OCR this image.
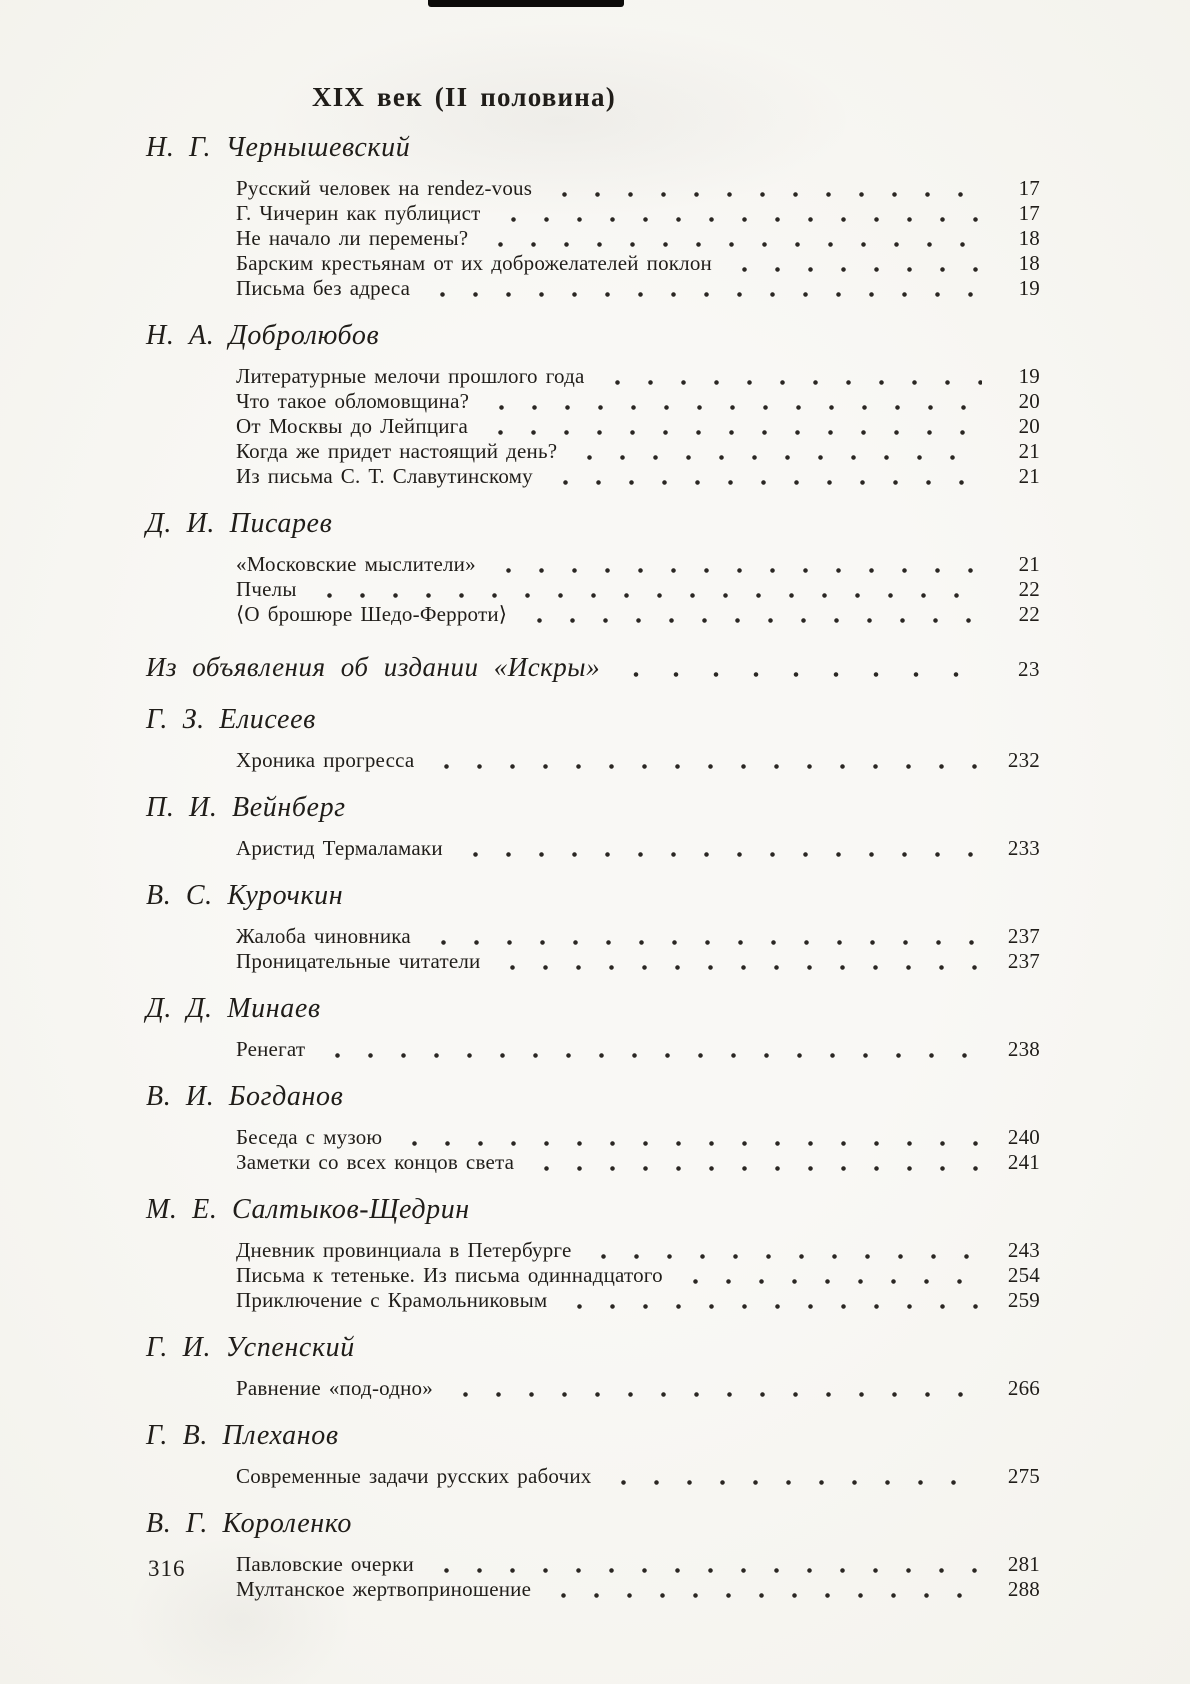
XIX век (II половина)
Н. Г. Чернышевский
Русский человек на rendez-vous	17
Г. Чичерин как публицист	17
Не начало ли перемены?	18
Барским крестьянам от их доброжелателей поклон	18
Письма без адреса	19
Н. А. Добролюбов
Литературные мелочи прошлого года	19
Что такое обломовщина?	20
От Москвы до Лейпцига	20
Когда же придет настоящий день?	21
Из письма С. Т. Славутинскому	21
Д. И. Писарев
«Московские мыслители»	21
Пчелы	22
⟨О брошюре Шедо-Ферроти⟩	22
Из объявления об издании «Искры»	23
Г. З. Елисеев
Хроника прогресса	232
П. И. Вейнберг
Аристид Термаламаки	233
В. С. Курочкин
Жалоба чиновника	237
Проницательные читатели	237
Д. Д. Минаев
Ренегат	238
В. И. Богданов
Беседа с музою	240
Заметки со всех концов света	241
М. Е. Салтыков-Щедрин
Дневник провинциала в Петербурге	243
Письма к тетеньке. Из письма одиннадцатого	254
Приключение с Крамольниковым	259
Г. И. Успенский
Равнение «под-одно»	266
Г. В. Плеханов
Современные задачи русских рабочих	275
В. Г. Короленко
Павловские очерки	281
Мултанское жертвоприношение	288
316
